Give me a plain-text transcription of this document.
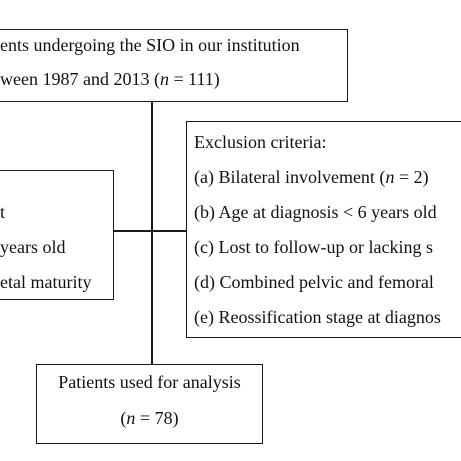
ents undergoing the SIO in our institution
ween 1987 and 2013 (n = 111)
t
years old
etal maturity
Exclusion criteria:
(a) Bilateral involvement (n = 2)
(b) Age at diagnosis < 6 years old
(c) Lost to follow-up or lacking s
(d) Combined pelvic and femoral
(e) Reossification stage at diagnos
Patients used for analysis
(n = 78)
